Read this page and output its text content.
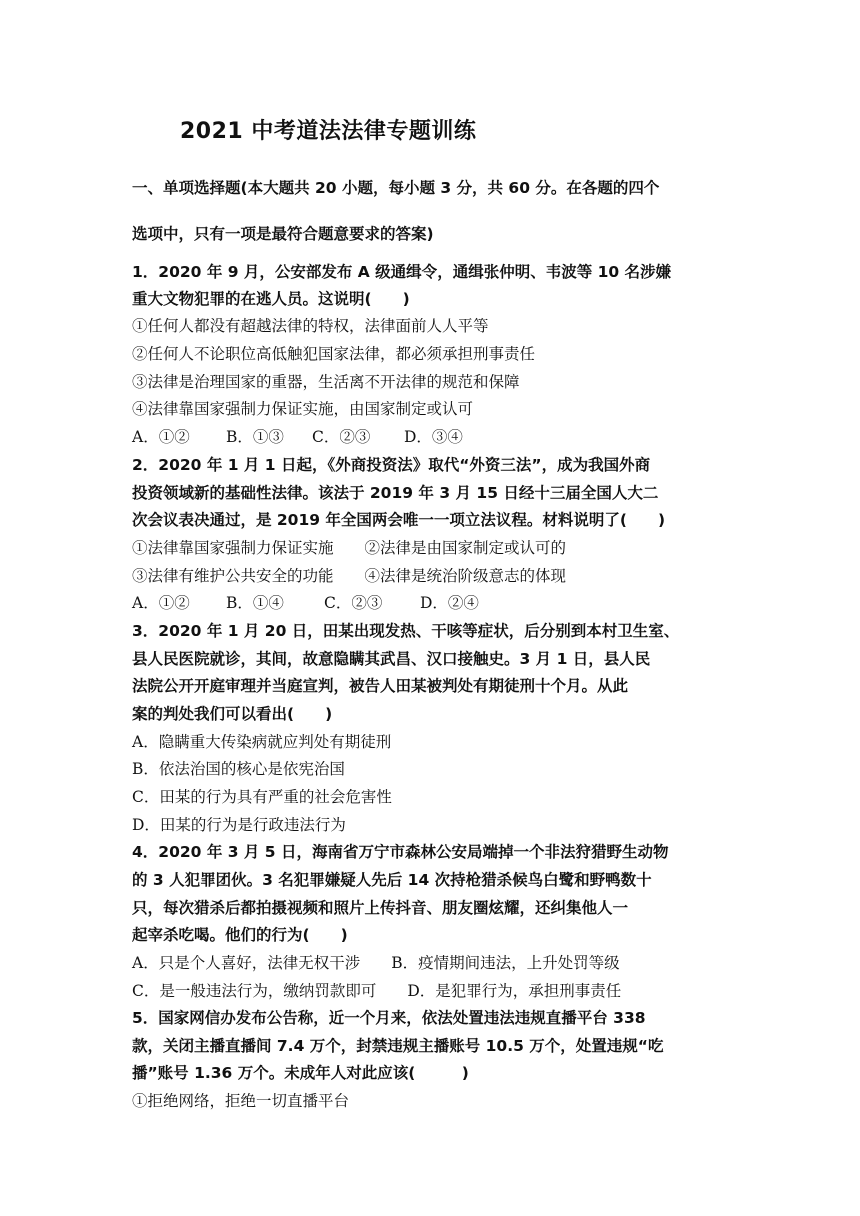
2021 中考道法法律专题训练
一、单项选择题(本大题共 20 小题，每小题 3 分，共 60 分。在各题的四个
选项中，只有一项是最符合题意要求的答案)
1．2020 年 9 月，公安部发布 A 级通缉令，通缉张仲明、韦波等 10 名涉嫌
重大文物犯罪的在逃人员。这说明(　　)
①任何人都没有超越法律的特权，法律面前人人平等
②任何人不论职位高低触犯国家法律，都必须承担刑事责任
③法律是治理国家的重器，生活离不开法律的规范和保障
④法律靠国家强制力保证实施，由国家制定或认可
A．①② B．①③ C．②③ D．③④
2．2020 年 1 月 1 日起，《外商投资法》取代“外资三法”，成为我国外商
投资领域新的基础性法律。该法于 2019 年 3 月 15 日经十三届全国人大二
次会议表决通过，是 2019 年全国两会唯一一项立法议程。材料说明了(　　)
①法律靠国家强制力保证实施　　②法律是由国家制定或认可的
③法律有维护公共安全的功能　　④法律是统治阶级意志的体现
A．①② B．①④	C．②③ D．②④
3．2020 年 1 月 20 日，田某出现发热、干咳等症状，后分别到本村卫生室、
县人民医院就诊，其间，故意隐瞒其武昌、汉口接触史。3 月 1 日，县人民
法院公开开庭审理并当庭宣判，被告人田某被判处有期徒刑十个月。从此
案的判处我们可以看出(　　)
A．隐瞒重大传染病就应判处有期徒刑
B．依法治国的核心是依宪治国
C．田某的行为具有严重的社会危害性
D．田某的行为是行政违法行为
4．2020 年 3 月 5 日，海南省万宁市森林公安局端掉一个非法狩猎野生动物
的 3 人犯罪团伙。3 名犯罪嫌疑人先后 14 次持枪猎杀候鸟白鹭和野鸭数十
只，每次猎杀后都拍摄视频和照片上传抖音、朋友圈炫耀，还纠集他人一
起宰杀吃喝。他们的行为(　　)
A．只是个人喜好，法律无权干涉　　B．疫情期间违法，上升处罚等级
C．是一般违法行为，缴纳罚款即可　　D．是犯罪行为，承担刑事责任
5．国家网信办发布公告称，近一个月来，依法处置违法违规直播平台 338
款，关闭主播直播间 7.4 万个，封禁违规主播账号 10.5 万个，处置违规“吃
播”账号 1.36 万个。未成年人对此应该(　　　)
①拒绝网络，拒绝一切直播平台
